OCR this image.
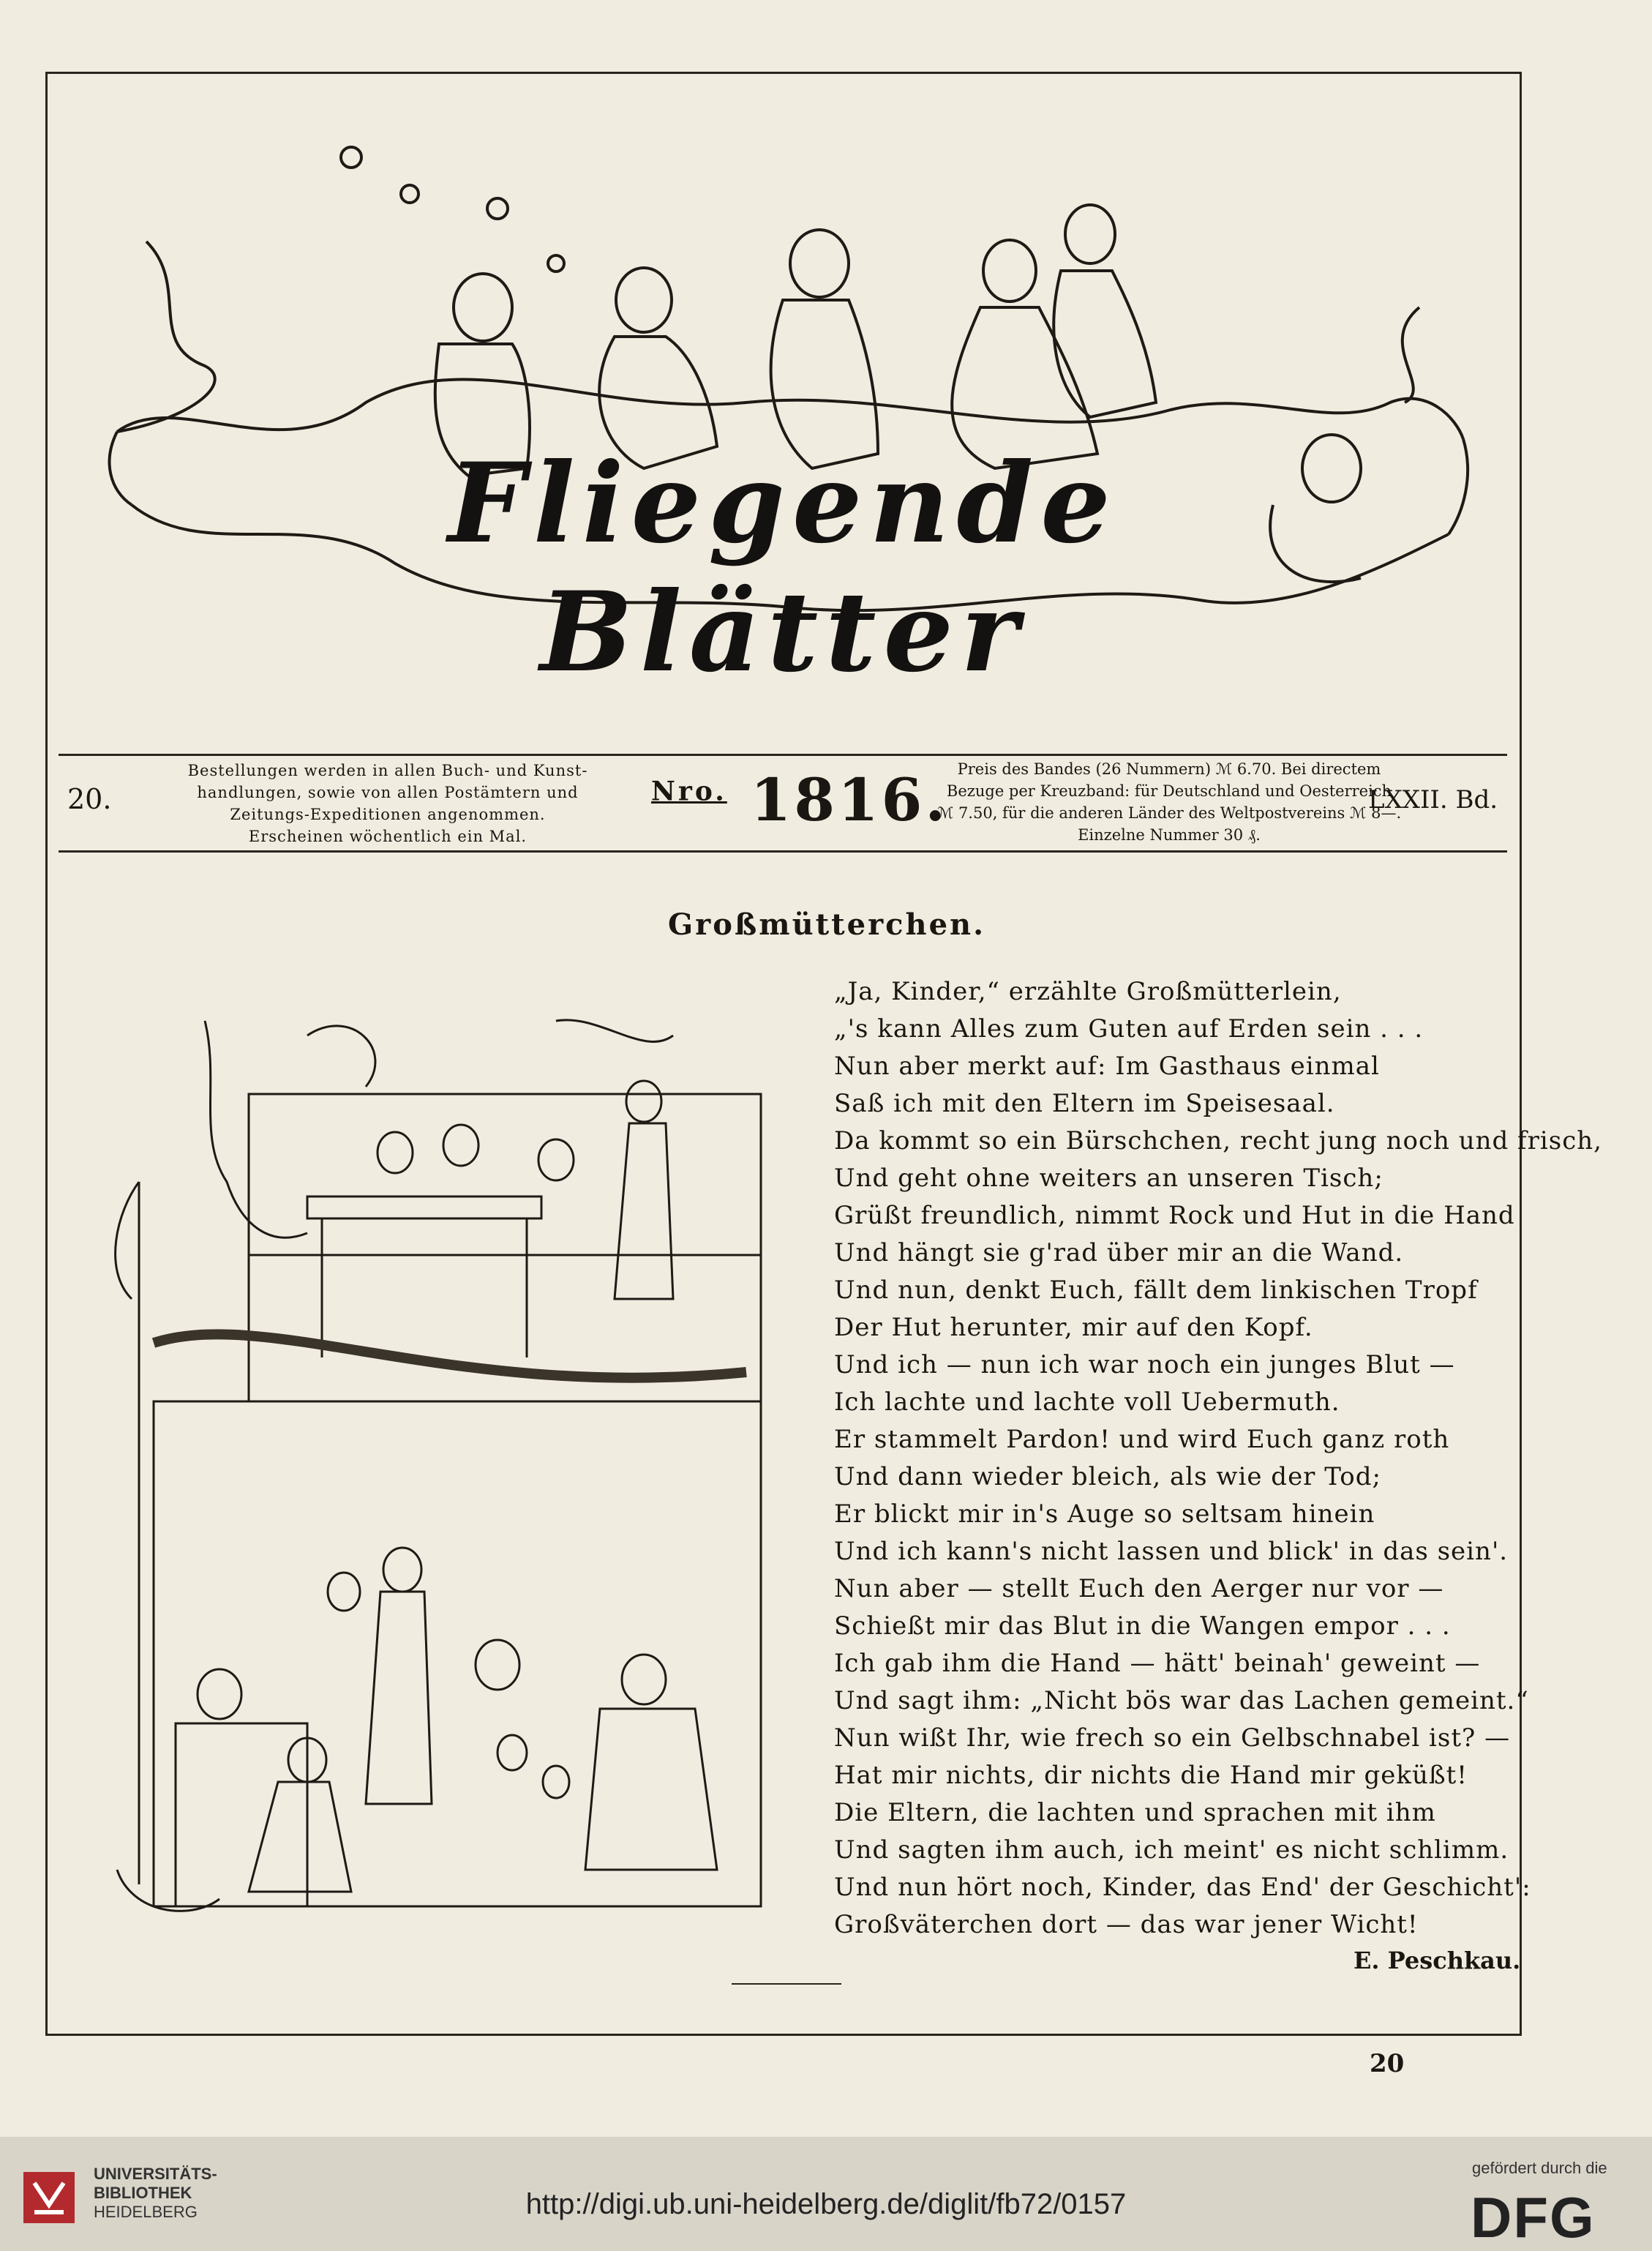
Fliegende Blätter
20.
Bestellungen werden in allen Buch- und Kunst-
handlungen, sowie von allen Postämtern und
Zeitungs-Expeditionen angenommen.
Erscheinen wöchentlich ein Mal.
$^{Nro.}$ 1816. Preis des Bandes (26 Nummern) ℳ 6.70. Bei directem
Bezuge per Kreuzband: für Deutschland und Oesterreich
ℳ 7.50, für die anderen Länder des Weltpostvereins ℳ 8—.
Einzelne Nummer 30 ₰.
LXXII. Bd.
Großmütterchen.
„Ja, Kinder,“ erzählte Großmütterlein,
„'s kann Alles zum Guten auf Erden sein . . .
Nun aber merkt auf: Im Gasthaus einmal
Saß ich mit den Eltern im Speisesaal.
Da kommt so ein Bürschchen, recht jung noch und frisch,
Und geht ohne weiters an unseren Tisch;
Grüßt freundlich, nimmt Rock und Hut in die Hand
Und hängt sie g'rad über mir an die Wand.
Und nun, denkt Euch, fällt dem linkischen Tropf
Der Hut herunter, mir auf den Kopf.
Und ich — nun ich war noch ein junges Blut —
Ich lachte und lachte voll Uebermuth.
Er stammelt Pardon! und wird Euch ganz roth
Und dann wieder bleich, als wie der Tod;
Er blickt mir in's Auge so seltsam hinein
Und ich kann's nicht lassen und blick' in das sein'.
Nun aber — stellt Euch den Aerger nur vor —
Schießt mir das Blut in die Wangen empor . . .
Ich gab ihm die Hand — hätt' beinah' geweint —
Und sagt ihm: „Nicht bös war das Lachen gemeint.“
Nun wißt Ihr, wie frech so ein Gelbschnabel ist? —
Hat mir nichts, dir nichts die Hand mir geküßt!
Die Eltern, die lachten und sprachen mit ihm
Und sagten ihm auch, ich meint' es nicht schlimm.
Und nun hört noch, Kinder, das End' der Geschicht':
Großväterchen dort — das war jener Wicht!
E. Peschkau.
20
UNIVERSITÄTS-
BIBLIOTHEK
HEIDELBERG	http://digi.ub.uni-heidelberg.de/diglit/fb72/0157
gefördert durch die
DFG
